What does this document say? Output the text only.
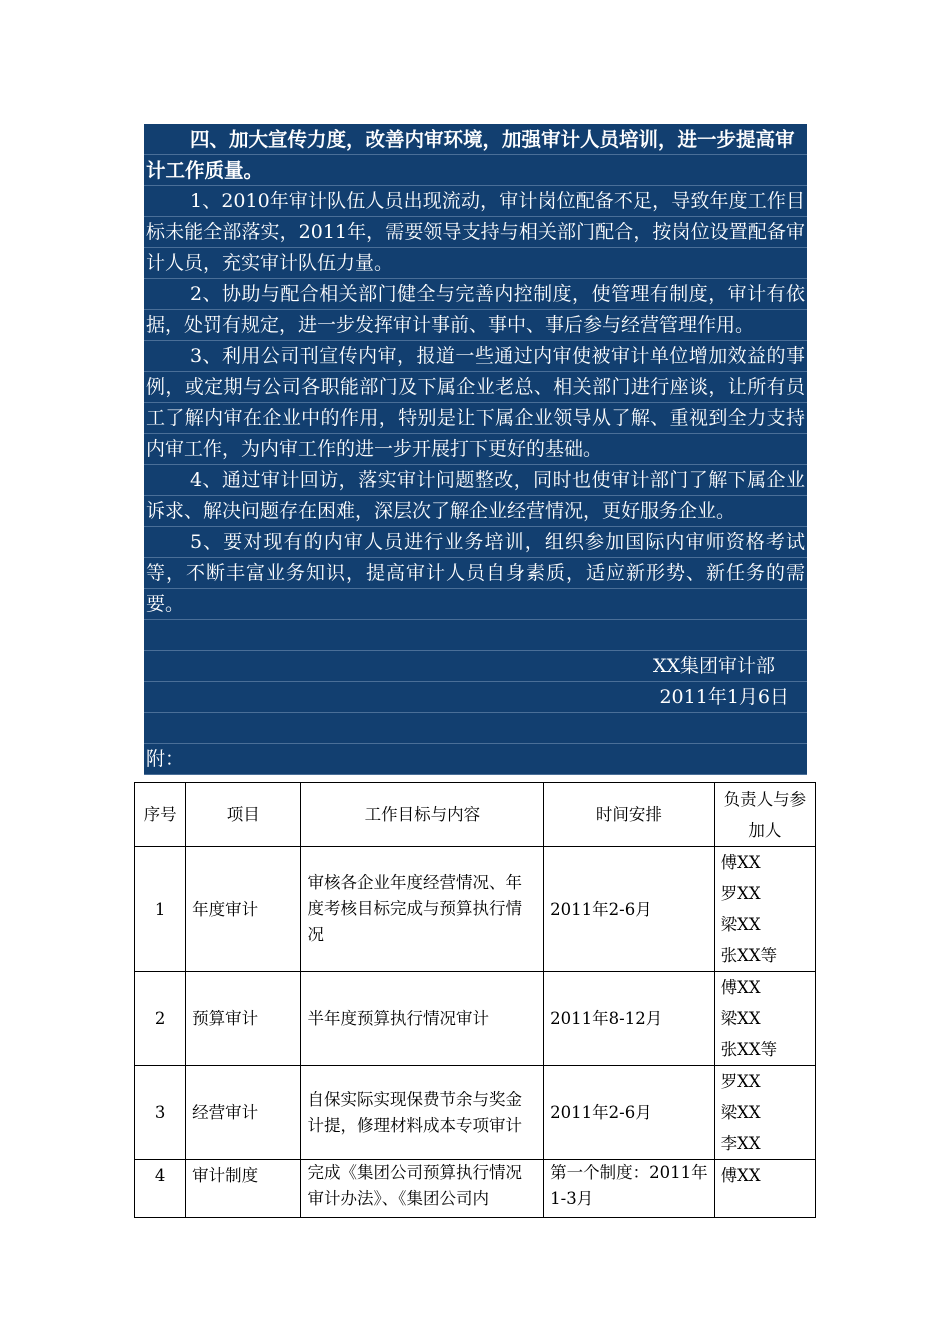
四、加大宣传力度，改善内审环境，加强审计人员培训，进一步提高审计工作质量。

1、2010年审计队伍人员出现流动，审计岗位配备不足，导致年度工作目标未能全部落实，2011年，需要领导支持与相关部门配合，按岗位设置配备审计人员，充实审计队伍力量。

2、协助与配合相关部门健全与完善内控制度，使管理有制度，审计有依据，处罚有规定，进一步发挥审计事前、事中、事后参与经营管理作用。

3、利用公司刊宣传内审，报道一些通过内审使被审计单位增加效益的事例，或定期与公司各职能部门及下属企业老总、相关部门进行座谈，让所有员工了解内审在企业中的作用，特别是让下属企业领导从了解、重视到全力支持内审工作，为内审工作的进一步开展打下更好的基础。

4、通过审计回访，落实审计问题整改，同时也使审计部门了解下属企业诉求、解决问题存在困难，深层次了解企业经营情况，更好服务企业。

5、要对现有的内审人员进行业务培训，组织参加国际内审师资格考试等，不断丰富业务知识，提高审计人员自身素质，适应新形势、新任务的需要。

XX集团审计部
2011年1月6日
附：
2011年度内部审计工作计划表
序号	项目	工作目标与内容	时间安排	负责人与参加人
1	年度审计	审核各企业年度经营情况、年度考核目标完成与预算执行情况	2011年2-6月	傅XX
罗XX
梁XX
张XX等

2	预算审计	半年度预算执行情况审计	2011年8-12月	傅XX
梁XX
张XX等

3	经营审计	自保实际实现保费节余与奖金计提，修理材料成本专项审计	2011年2-6月	罗XX
梁XX
李XX

4	审计制度	完成《集团公司预算执行情况审计办法》、《集团公司内	第一个制度：2011年1-3月	傅XX
